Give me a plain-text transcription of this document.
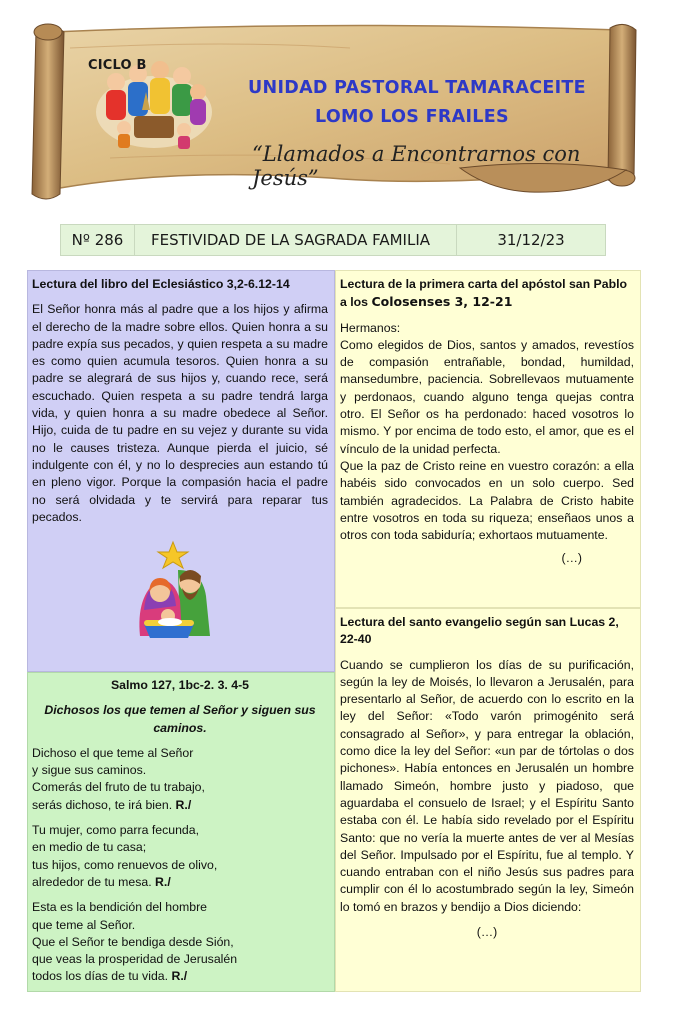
CICLO B
UNIDAD PASTORAL TAMARACEITE
LOMO LOS FRAILES
“Llamados a Encontrarnos con Jesús”
Nº 286	FESTIVIDAD DE LA SAGRADA FAMILIA	31/12/23

Lectura del libro del Eclesiástico 3,2-6.12-14

El Señor honra más al padre que a los hijos y afirma el derecho de la madre sobre ellos. Quien honra a su padre expía sus pecados, y quien respeta a su madre es como quien acumula tesoros. Quien honra a su padre se alegrará de sus hijos y, cuando rece, será escuchado. Quien respeta a su padre tendrá larga vida, y quien honra a su madre obedece al Señor. Hijo, cuida de tu padre en su vejez y durante su vida no le causes tristeza. Aunque pierda el juicio, sé indulgente con él, y no lo desprecies aun estando tú en pleno vigor. Porque la compasión hacia el padre no será olvidada y te servirá para reparar tus pecados.

Salmo 127, 1bc-2. 3. 4-5

Dichosos los que temen al Señor y siguen sus caminos.

Dichoso el que teme al Señor

y sigue sus caminos.

Comerás del fruto de tu trabajo,

serás dichoso, te irá bien. R./

Tu mujer, como parra fecunda,

en medio de tu casa;

tus hijos, como renuevos de olivo,

alrededor de tu mesa. R./

Esta es la bendición del hombre

que teme al Señor.

Que el Señor te bendiga desde Sión,

que veas la prosperidad de Jerusalén

todos los días de tu vida. R./

Lectura de la primera carta del apóstol san Pablo a los Colosenses 3, 12-21

Hermanos:

Como elegidos de Dios, santos y amados, revestíos de compasión entrañable, bondad, humildad, mansedumbre, paciencia. Sobrellevaos mutuamente y perdonaos, cuando alguno tenga quejas contra otro. El Señor os ha perdonado: haced vosotros lo mismo. Y por encima de todo esto, el amor, que es el vínculo de la unidad perfecta.

Que la paz de Cristo reine en vuestro corazón: a ella habéis sido convocados en un solo cuerpo. Sed también agradecidos. La Palabra de Cristo habite entre vosotros en toda su riqueza; enseñaos unos a otros con toda sabiduría; exhortaos mutuamente.

(…)

Lectura del santo evangelio según san Lucas 2, 22-40

Cuando se cumplieron los días de su purificación, según la ley de Moisés, lo llevaron a Jerusalén, para presentarlo al Señor, de acuerdo con lo escrito en la ley del Señor: «Todo varón primogénito será consagrado al Señor», y para entregar la oblación, como dice la ley del Señor: «un par de tórtolas o dos pichones». Había entonces en Jerusalén un hombre llamado Simeón, hombre justo y piadoso, que aguardaba el consuelo de Israel; y el Espíritu Santo estaba con él. Le había sido revelado por el Espíritu Santo: que no vería la muerte antes de ver al Mesías del Señor. Impulsado por el Espíritu, fue al templo. Y cuando entraban con el niño Jesús sus padres para cumplir con él lo acostumbrado según la ley, Simeón lo tomó en brazos y bendijo a Dios diciendo:

(…)
